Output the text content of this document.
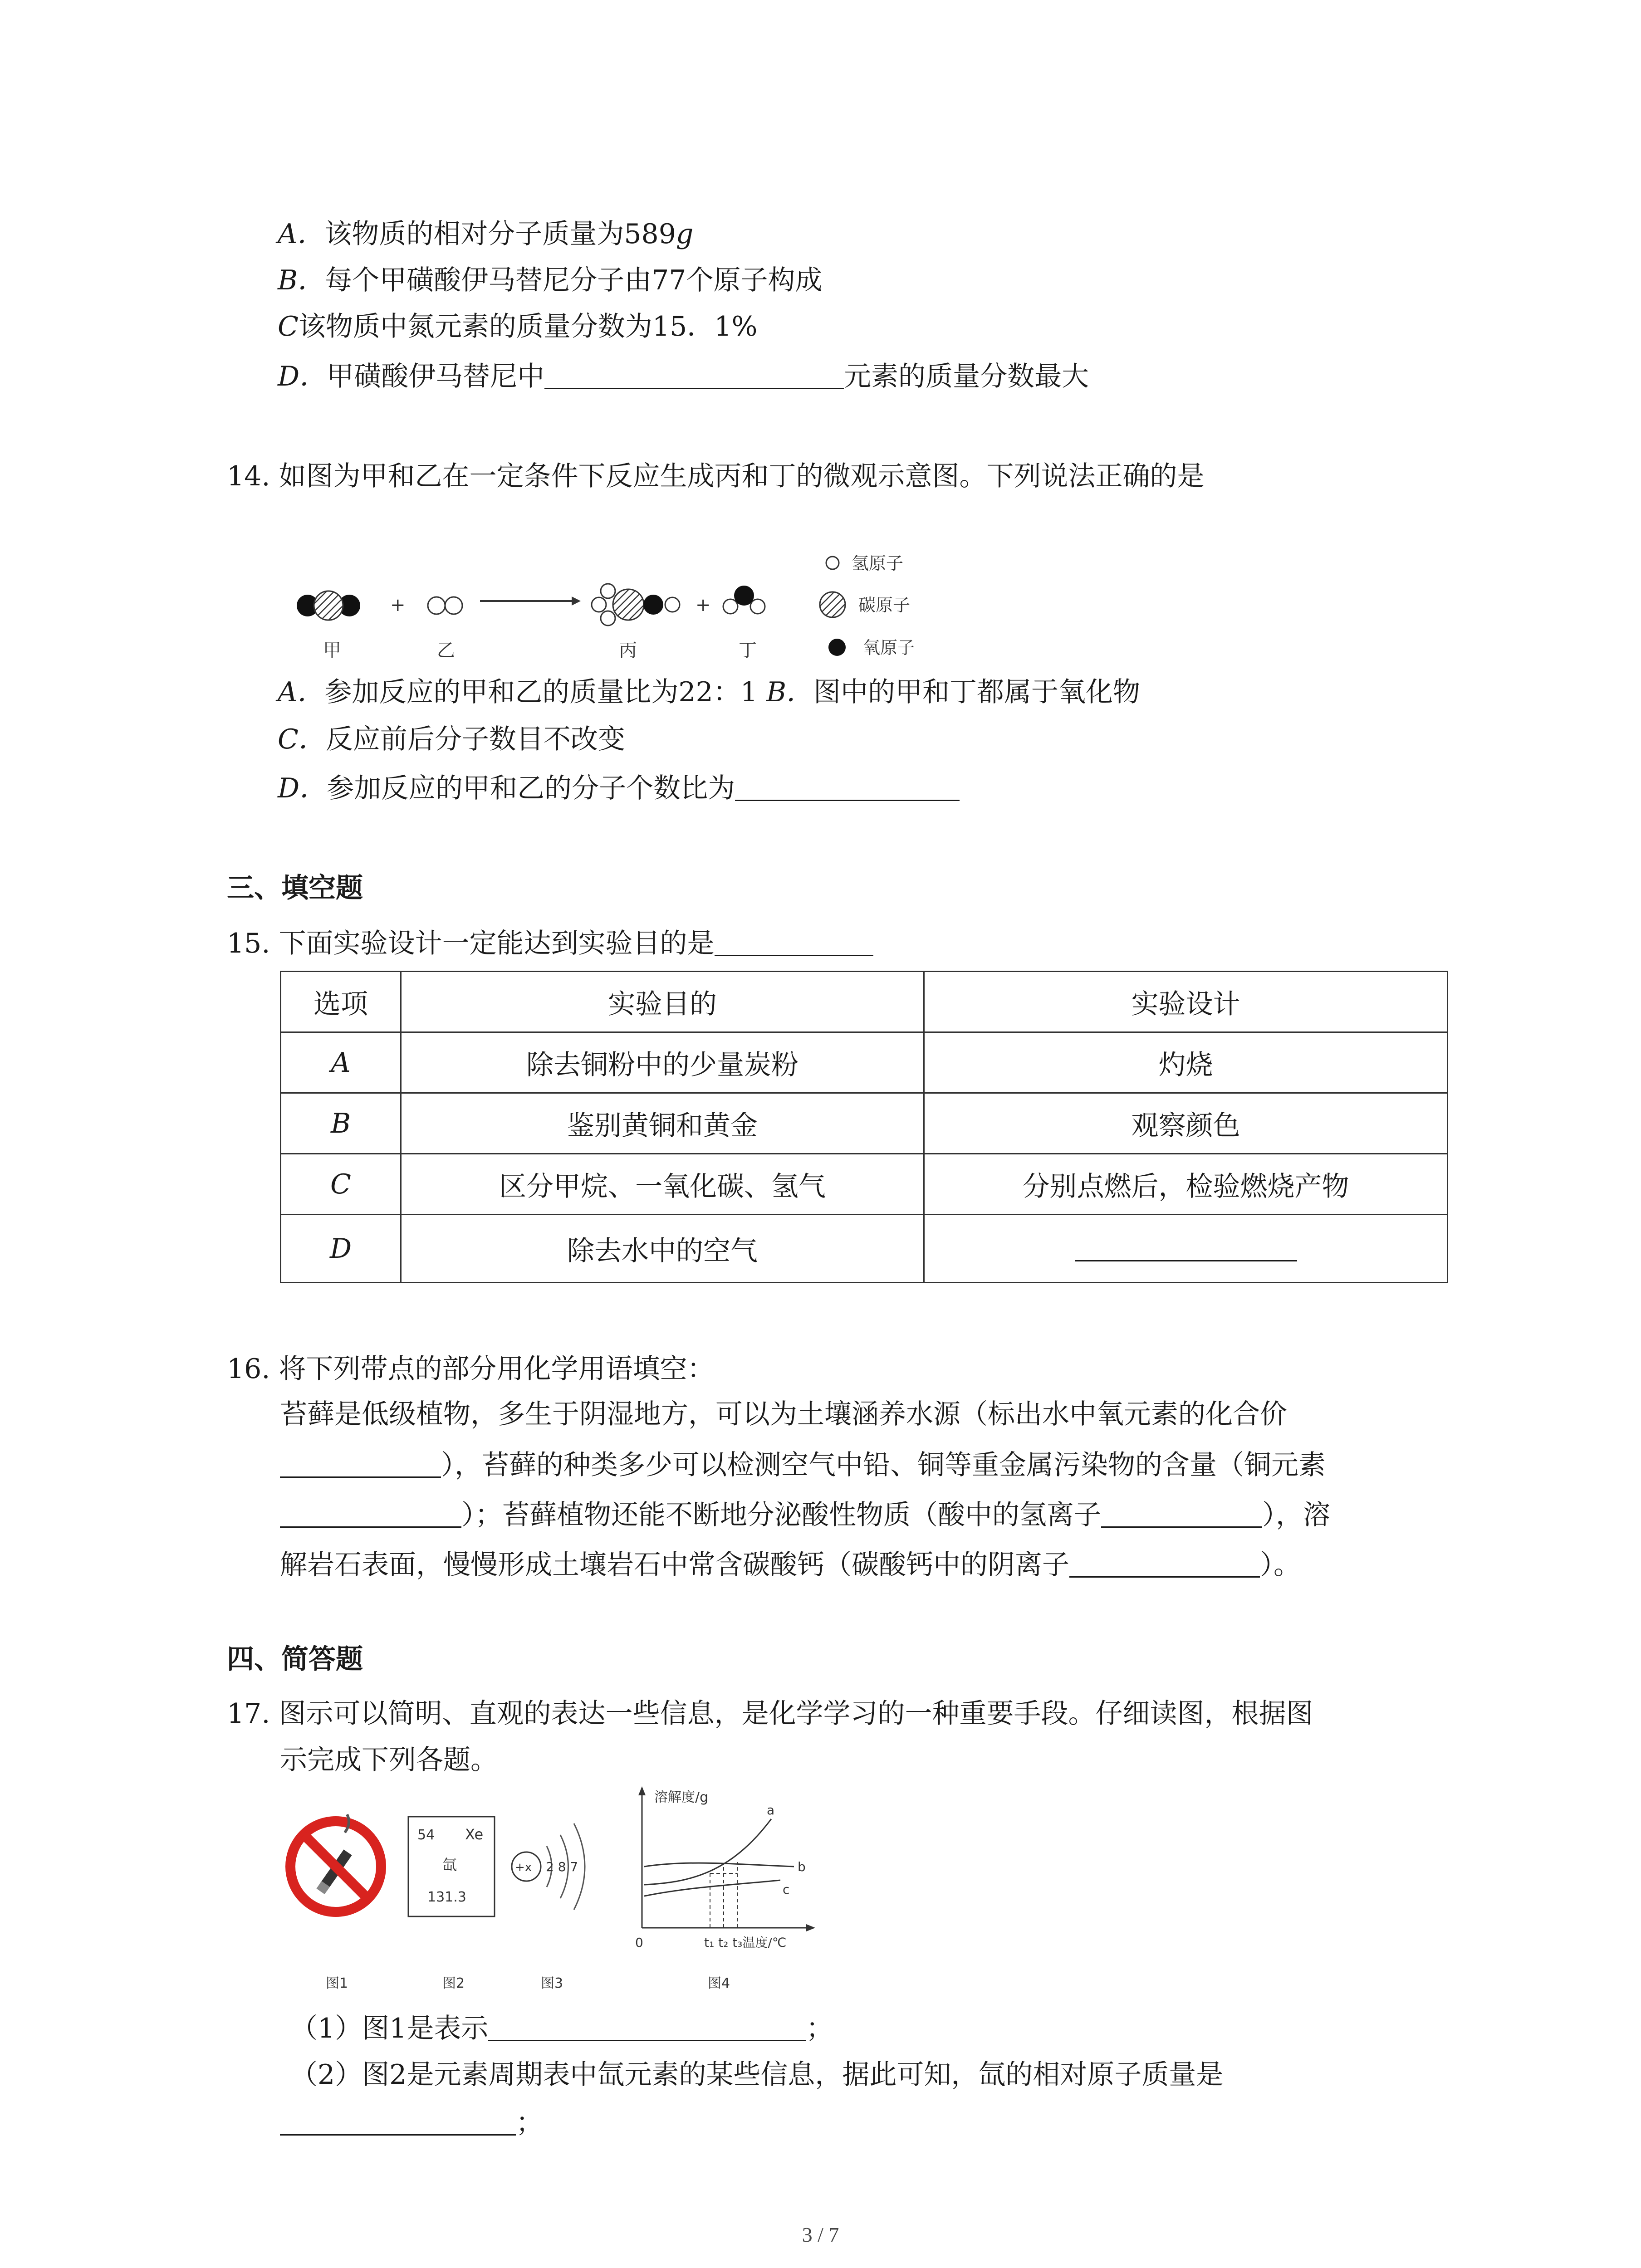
A．该物质的相对分子质量为589g
B．每个甲磺酸伊马替尼分子由77个原子构成
C该物质中氮元素的质量分数为15．1%
D．甲磺酸伊马替尼中	元素的质量分数最大
14. 如图为甲和乙在一定条件下反应生成丙和丁的微观示意图。下列说法正确的是
+	+
甲	乙	丙	丁
氢原子
碳原子
氧原子
A．参加反应的甲和乙的质量比为22：1 B．图中的甲和丁都属于氧化物
C．反应前后分子数目不改变
D．参加反应的甲和乙的分子个数比为
三、填空题
15. 下面实验设计一定能达到实验目的是
选项	实验目的	实验设计
A	除去铜粉中的少量炭粉	灼烧
B	鉴别黄铜和黄金	观察颜色
C	区分甲烷、一氧化碳、氢气	分别点燃后，检验燃烧产物
D	除去水中的空气	
16. 将下列带点的部分用化学用语填空：
苔藓是低级植物，多生于阴湿地方，可以为土壤涵养水源（标出水中氧元素的化合价
），苔藓的种类多少可以检测空气中铅、铜等重金属污染物的含量（铜元素
）；苔藓植物还能不断地分泌酸性物质（酸中的氢离子	），溶
解岩石表面，慢慢形成土壤岩石中常含碳酸钙（碳酸钙中的阴离子	）。
四、简答题
17. 图示可以简明、直观的表达一些信息，是化学学习的一种重要手段。仔细读图，根据图
示完成下列各题。
54 Xe
氙
131.3
+x 2 8 7
溶解度/g
0	t₁ t₂ t₃温度/℃
a
b
c
图1	图2	图3	图4
（1）图1是表示	；
（2）图2是元素周期表中氙元素的某些信息，据此可知，氙的相对原子质量是
；
3 / 7
